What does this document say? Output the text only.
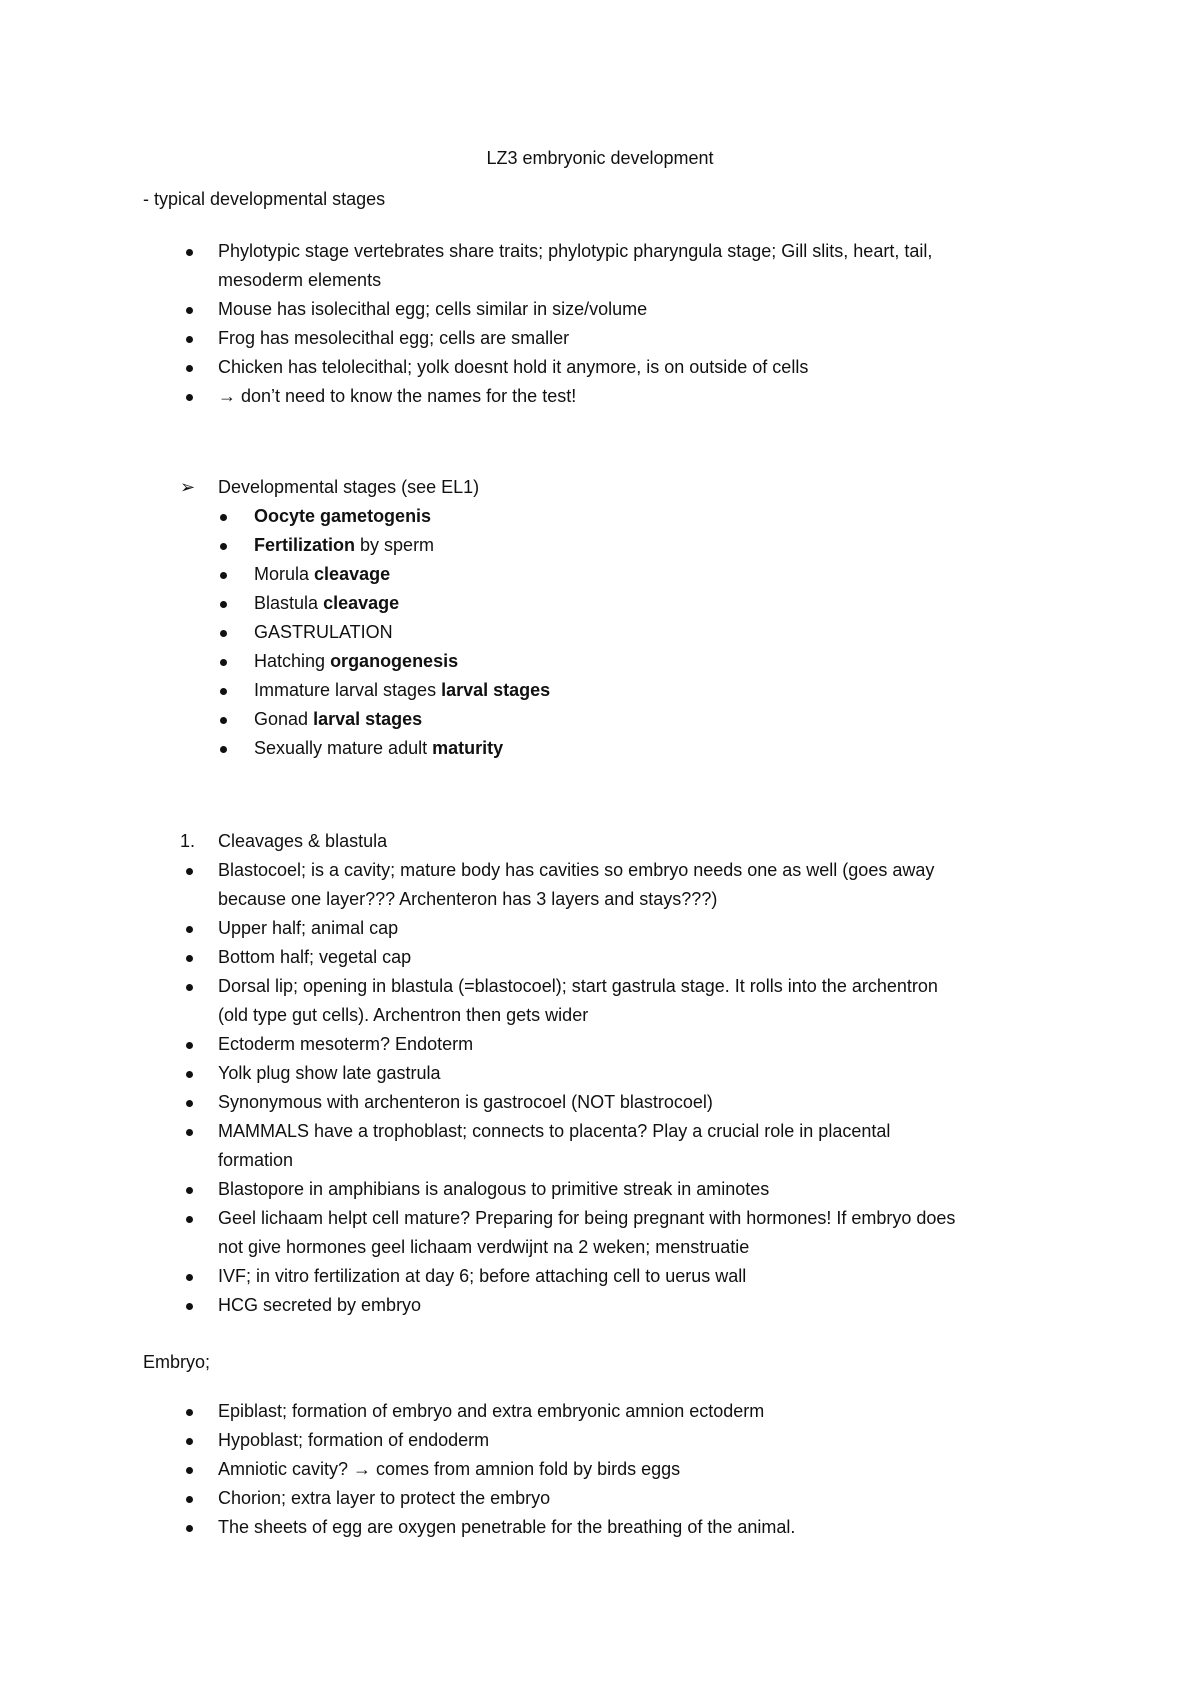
LZ3 embryonic development
- typical developmental stages
Phylotypic stage vertebrates share traits; phylotypic pharyngula stage; Gill slits, heart, tail,
mesoderm elements
Mouse has isolecithal egg; cells similar in size/volume
Frog has mesolecithal egg; cells are smaller
Chicken has telolecithal; yolk doesnt hold it anymore, is on outside of cells
→ don’t need to know the names for the test!
➢ Developmental stages (see EL1)
Oocyte gametogenis
Fertilization by sperm
Morula cleavage
Blastula cleavage
GASTRULATION
Hatching organogenesis
Immature larval stages larval stages
Gonad larval stages
Sexually mature adult maturity
1. Cleavages & blastula
Blastocoel; is a cavity; mature body has cavities so embryo needs one as well (goes away
because one layer??? Archenteron has 3 layers and stays???)
Upper half; animal cap
Bottom half; vegetal cap
Dorsal lip; opening in blastula (=blastocoel); start gastrula stage. It rolls into the archentron
(old type gut cells). Archentron then gets wider
Ectoderm mesoterm? Endoterm
Yolk plug show late gastrula
Synonymous with archenteron is gastrocoel (NOT blastrocoel)
MAMMALS have a trophoblast; connects to placenta? Play a crucial role in placental
formation
Blastopore in amphibians is analogous to primitive streak in aminotes
Geel lichaam helpt cell mature? Preparing for being pregnant with hormones! If embryo does
not give hormones geel lichaam verdwijnt na 2 weken; menstruatie
IVF; in vitro fertilization at day 6; before attaching cell to uerus wall
HCG secreted by embryo
Embryo;
Epiblast; formation of embryo and extra embryonic amnion ectoderm
Hypoblast; formation of endoderm
Amniotic cavity? → comes from amnion fold by birds eggs
Chorion; extra layer to protect the embryo
The sheets of egg are oxygen penetrable for the breathing of the animal.
